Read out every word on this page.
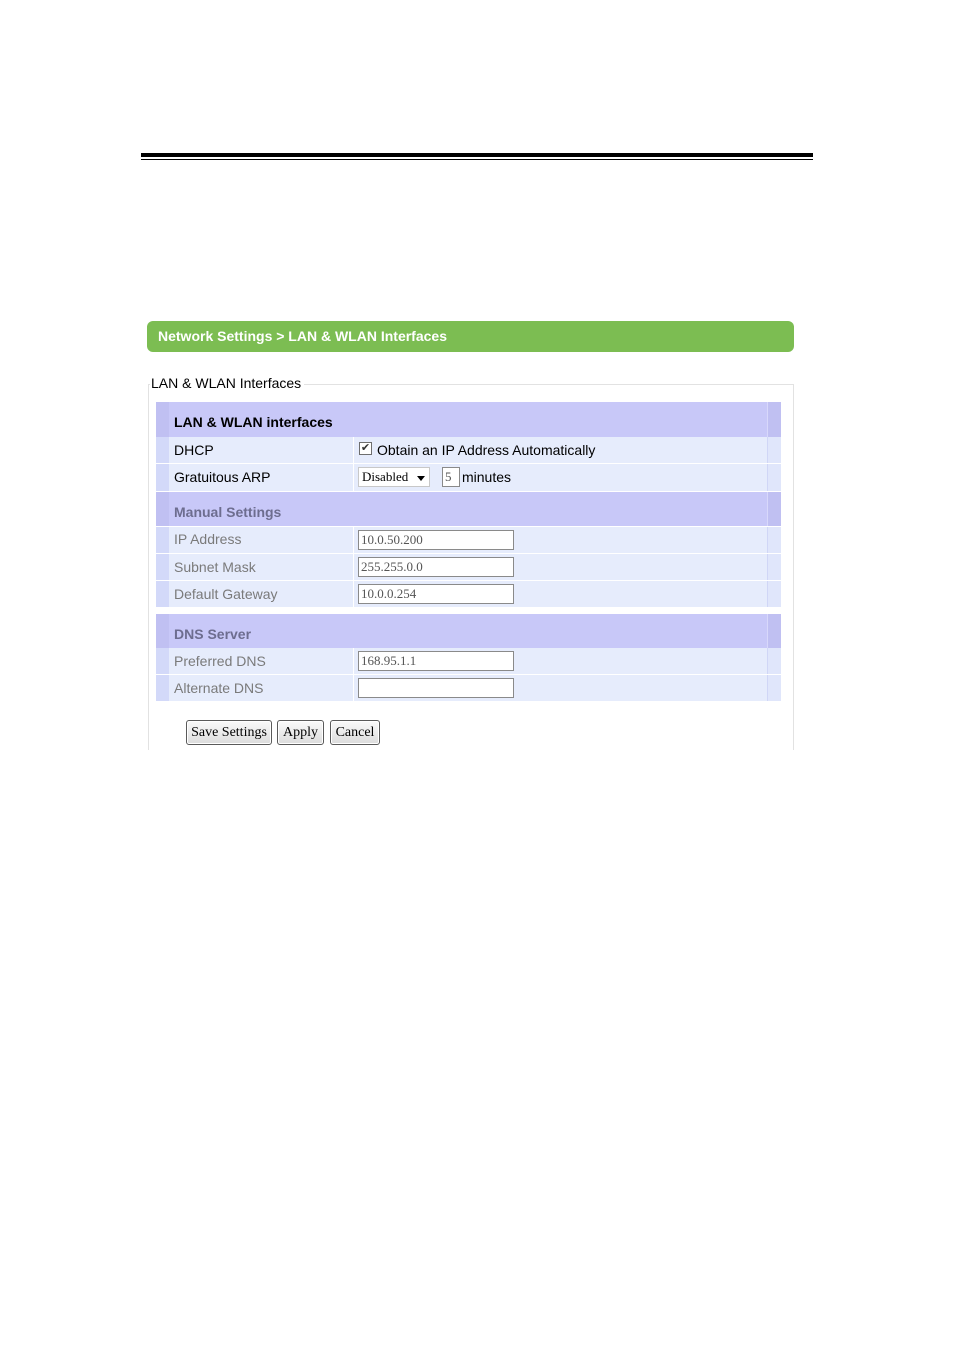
Network Settings > LAN & WLAN Interfaces
LAN & WLAN Interfaces
LAN & WLAN interfaces
DHCP	✔ Obtain an IP Address Automatically
Gratuitous ARP	Disabled	5 minutes
Manual Settings
IP Address	10.0.50.200
Subnet Mask	255.255.0.0
Default Gateway	10.0.0.254
DNS Server
Preferred DNS	168.95.1.1
Alternate DNS
Save Settings	Apply	Cancel
